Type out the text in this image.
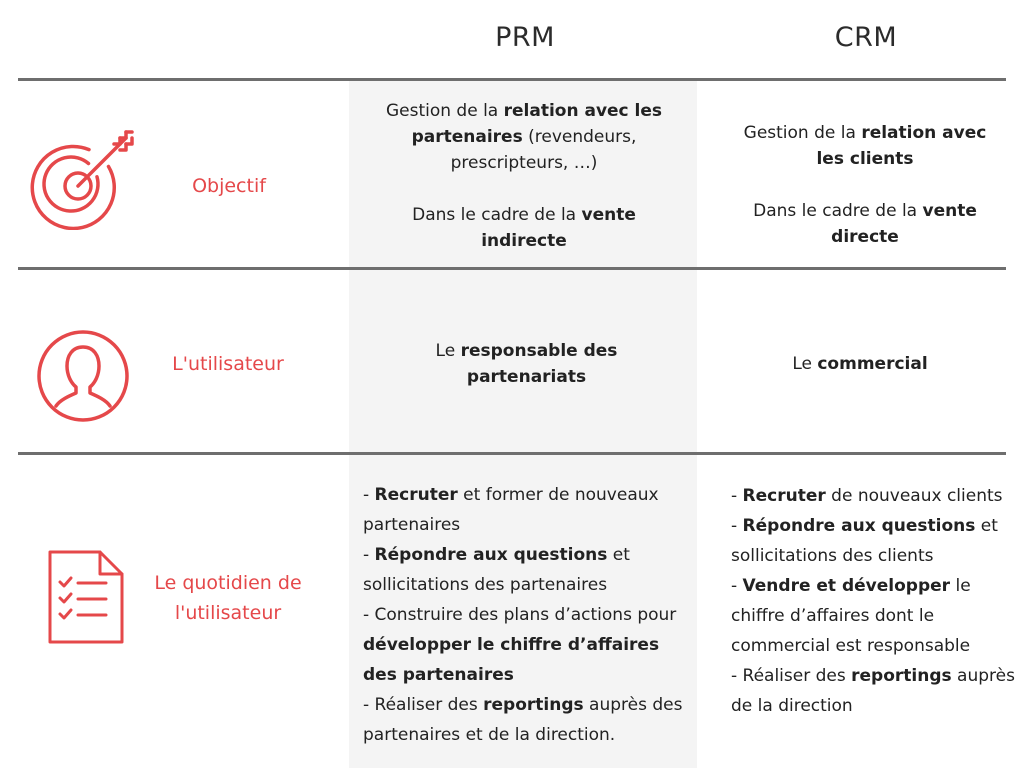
PRM	CRM
Objectif

Gestion de la relation avec les partenaires (revendeurs, prescripteurs, …)

Dans le cadre de la vente indirecte

Gestion de la relation avec les clients

Dans le cadre de la vente directe

L'utilisateur

Le responsable des partenariats

Le commercial

Le quotidien de l'utilisateur

- Recruter et former de nouveaux partenaires

- Répondre aux questions et sollicitations des partenaires

- Construire des plans d’actions pour développer le chiffre d’affaires des partenaires

- Réaliser des reportings auprès des partenaires et de la direction.

- Recruter de nouveaux clients

- Répondre aux questions et sollicitations des clients

- Vendre et développer le chiffre d’affaires dont le commercial est responsable

- Réaliser des reportings auprès de la direction
